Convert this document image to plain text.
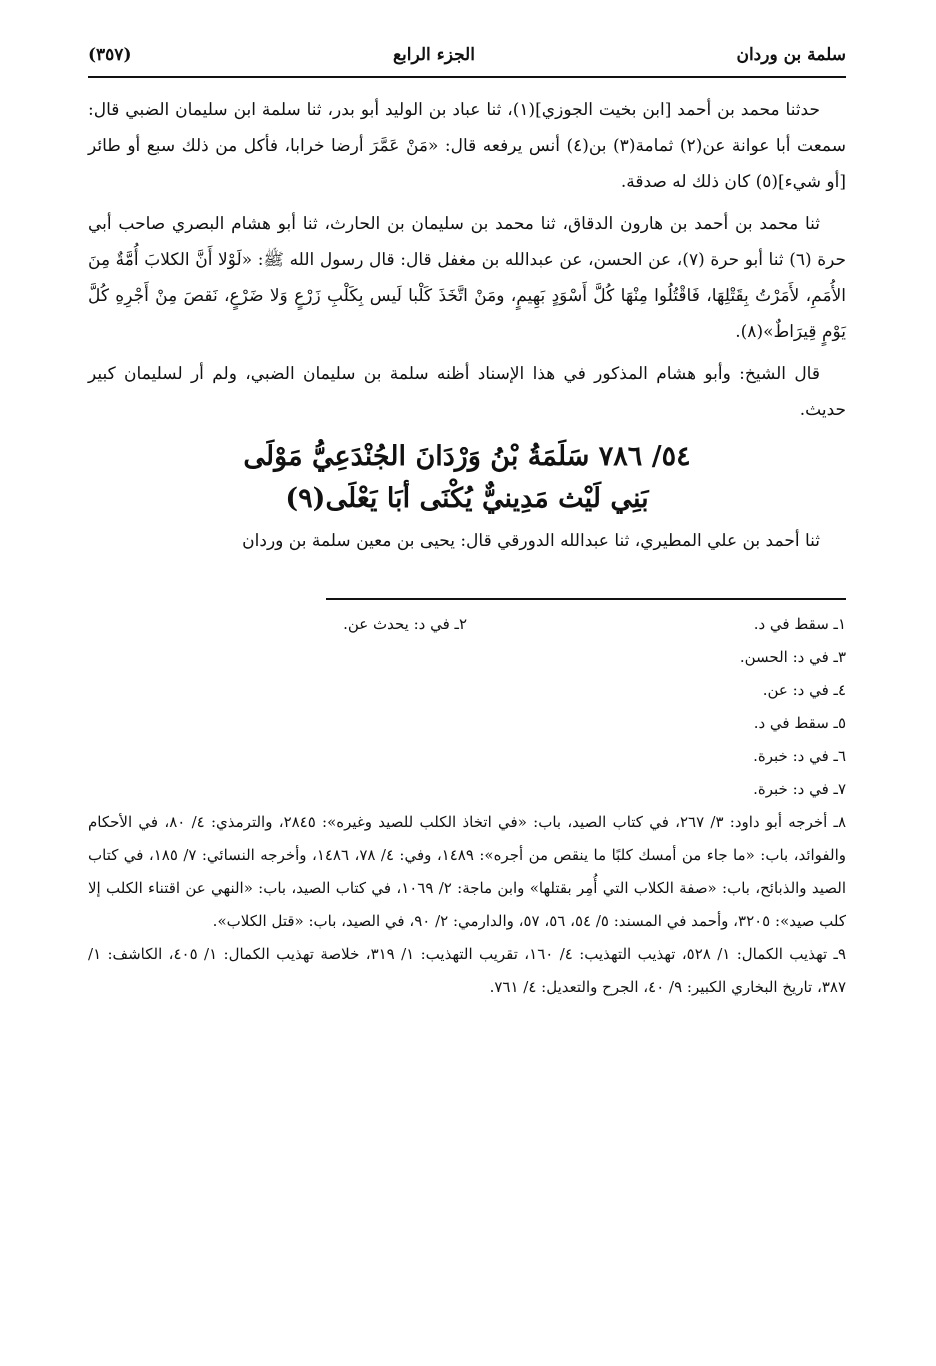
سلمة بن وردان
الجزء الرابع
(٣٥٧)

حدثنا محمد بن أحمد [ابن بخيت الجوزي](١)، ثنا عباد بن الوليد أبو بدر، ثنا سلمة ابن سليمان الضبي قال: سمعت أبا عوانة عن(٢) ثمامة(٣) بن(٤) أنس يرفعه قال: «مَنْ عَمَّرَ أرضا خرابا، فأكل من ذلك سبع أو طائر [أو شيء](٥) كان ذلك له صدقة.

ثنا محمد بن أحمد بن هارون الدقاق، ثنا محمد بن سليمان بن الحارث، ثنا أبو هشام البصري صاحب أبي حرة (٦) ثنا أبو حرة (٧)، عن الحسن، عن عبدالله بن مغفل قال: قال رسول الله ﷺ: «لَوْلا أَنَّ الكلابَ أُمَّةٌ مِنَ الأُمَمِ، لأَمَرْتُ بِقَتْلِهَا، فَاقْتُلُوا مِنْهَا كُلَّ أَسْوَدٍ بَهِيمٍ، ومَنْ اتَّخَذَ كَلْبا لَيس بِكَلْبِ زَرْعٍ وَلا ضَرْعٍ، نَقصَ مِنْ أَجْرِهِ كُلَّ يَوْمٍ قِيرَاطٌ»(٨).

قال الشيخ: وأبو هشام المذكور في هذا الإسناد أظنه سلمة بن سليمان الضبي، ولم أر لسليمان كبير حديث.

٥٤/ ٧٨٦ سَلَمَةُ بْنُ وَرْدَانَ الجُنْدَعِيُّ مَوْلَى
بَنِي لَيْث مَدِينيٌّ يُكْنَى أبَا يَعْلَى(٩)

ثنا أحمد بن علي المطيري، ثنا عبدالله الدورقي قال: يحيى بن معين سلمة بن وردان

١ـ سقط في د.
٢ـ في د: يحدث عن.

٣ـ في د: الحسن.

٤ـ في د: عن.

٥ـ سقط في د.

٦ـ في د: خبرة.

٧ـ في د: خبرة.

٨ـ أخرجه أبو داود: ٣/ ٢٦٧، في كتاب الصيد، باب: «في اتخاذ الكلب للصيد وغيره»: ٢٨٤٥، والترمذي: ٤/ ٨٠، في الأحكام والفوائد، باب: «ما جاء من أمسك كلبًا ما ينقص من أجره»: ١٤٨٩، وفي: ٤/ ٧٨، ١٤٨٦، وأخرجه النسائي: ٧/ ١٨٥، في كتاب الصيد والذبائح، باب: «صفة الكلاب التي أُمِر بقتلها» وابن ماجة: ٢/ ١٠٦٩، في كتاب الصيد، باب: «النهي عن اقتناء الكلب إلا كلب صيد»: ٣٢٠٥، وأحمد في المسند: ٥/ ٥٤، ٥٦، ٥٧، والدارمي: ٢/ ٩٠، في الصيد، باب: «قتل الكلاب».

٩ـ تهذيب الكمال: ١/ ٥٢٨، تهذيب التهذيب: ٤/ ١٦٠، تقريب التهذيب: ١/ ٣١٩، خلاصة تهذيب الكمال: ١/ ٤٠٥، الكاشف: ١/ ٣٨٧، تاريخ البخاري الكبير: ٩/ ٤٠، الجرح والتعديل: ٤/ ٧٦١.
